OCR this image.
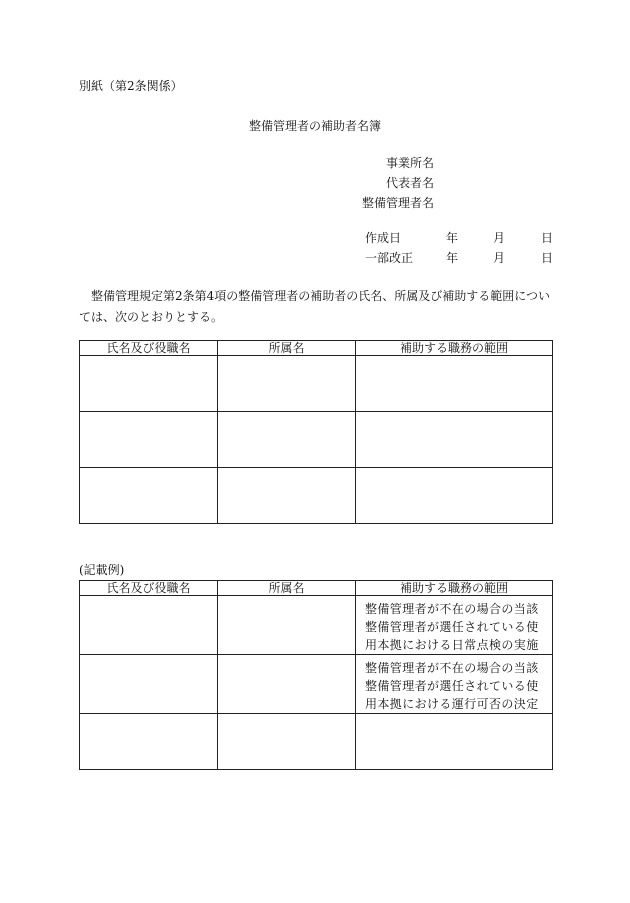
別紙（第2条関係）
整備管理者の補助者名簿
事業所名
代表者名
整備管理者名
作成日	年	月	日
一部改正	年	月	日
整備管理規定第2条第4項の整備管理者の補助者の氏名、所属及び補助する範囲については、次のとおりとする。
氏名及び役職名	所属名	補助する職務の範囲

(記載例)
氏名及び役職名	所属名	補助する職務の範囲

		整備管理者が不在の場合の当該整備管理者が選任されている使用本拠における日常点検の実施

		整備管理者が不在の場合の当該整備管理者が選任されている使用本拠における運行可否の決定
